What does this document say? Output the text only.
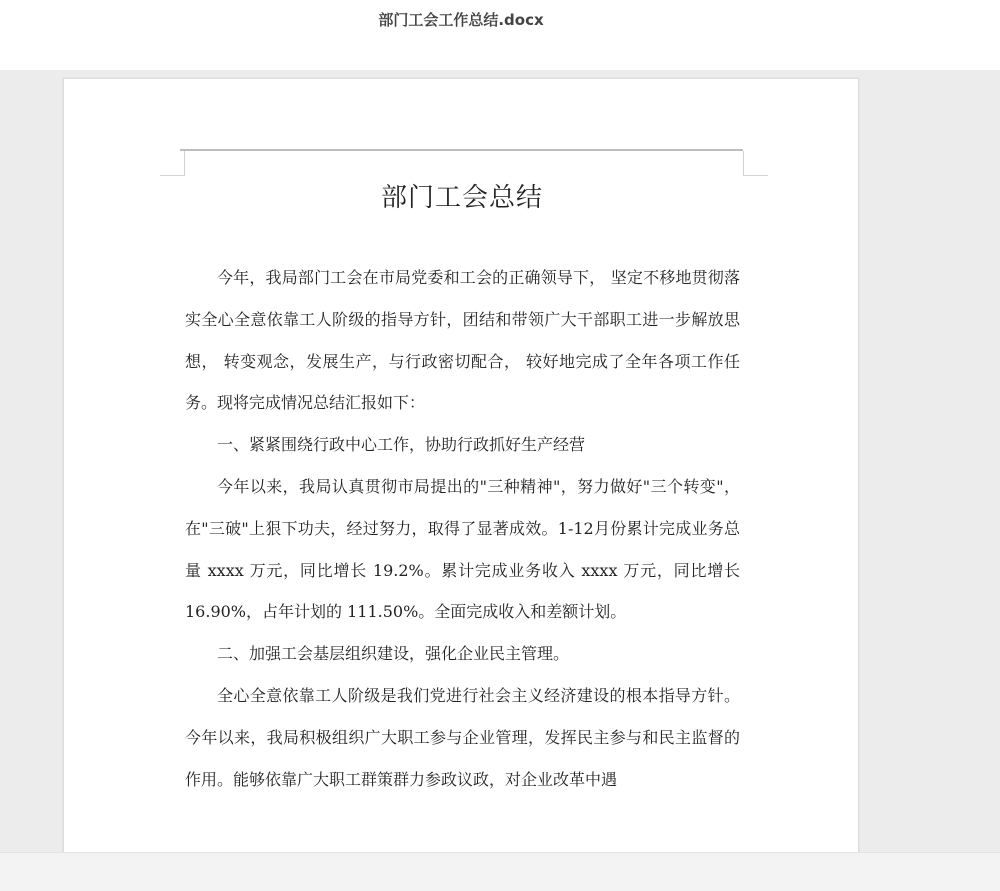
部门工会工作总结.docx
部门工会总结

今年，我局部门工会在市局党委和工会的正确领导下， 坚定不移地贯彻落实全心全意依靠工人阶级的指导方针，团结和带领广大干部职工进一步解放思想， 转变观念，发展生产，与行政密切配合， 较好地完成了全年各项工作任务。现将完成情况总结汇报如下：

一、紧紧围绕行政中心工作，协助行政抓好生产经营

今年以来，我局认真贯彻市局提出的"三种精神"，努力做好"三个转变"，在"三破"上狠下功夫，经过努力，取得了显著成效。1-12月份累计完成业务总量 xxxx 万元，同比增长 19.2%。累计完成业务收入 xxxx 万元，同比增长 16.90%，占年计划的 111.50%。全面完成收入和差额计划。

二、加强工会基层组织建设，强化企业民主管理。

全心全意依靠工人阶级是我们党进行社会主义经济建设的根本指导方针。今年以来，我局积极组织广大职工参与企业管理，发挥民主参与和民主监督的作用。能够依靠广大职工群策群力参政议政，对企业改革中遇
